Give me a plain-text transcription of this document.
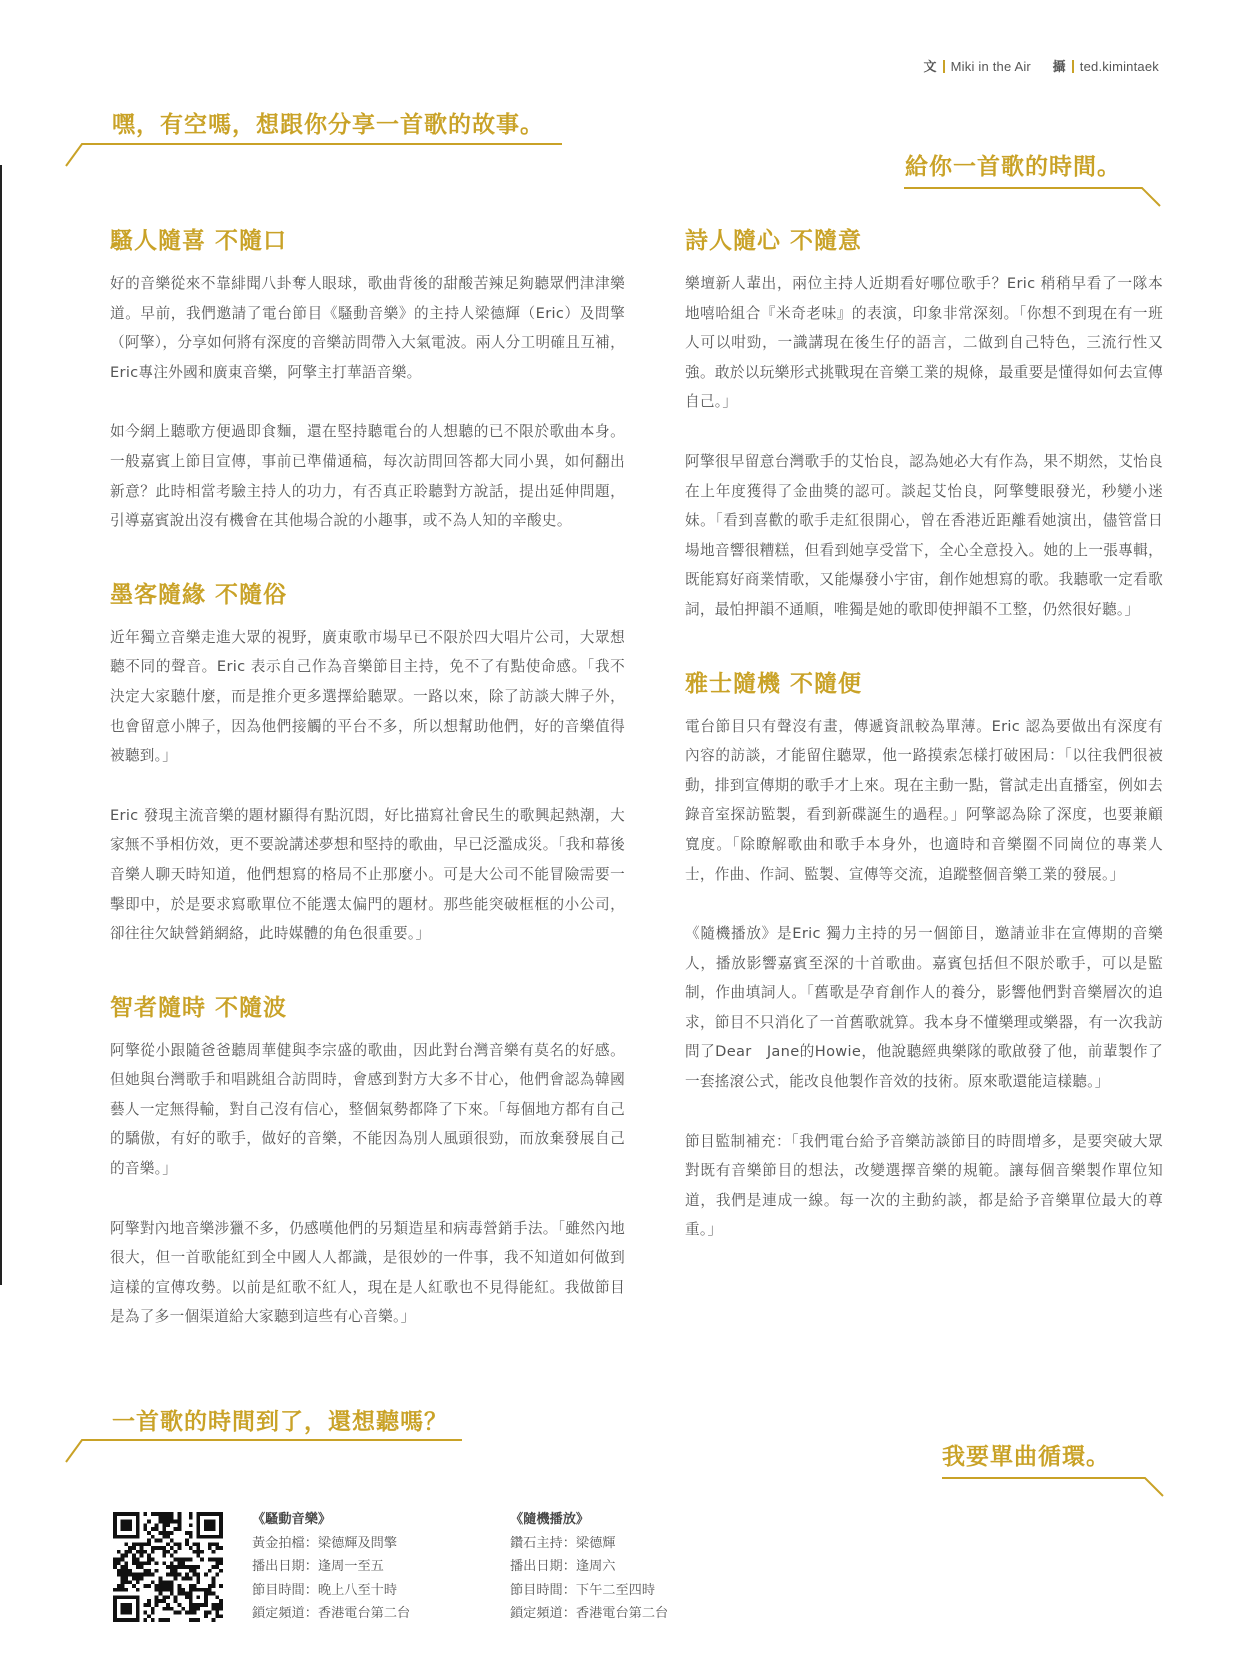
文 Miki in the Air 攝 ted.kimintaek
嘿，有空嗎，想跟你分享一首歌的故事。
給你一首歌的時間。
騷人隨喜 不隨口

好的音樂從來不靠緋聞八卦奪人眼球，歌曲背後的甜酸苦辣足夠聽眾們津津樂道。早前，我們邀請了電台節目《騷動音樂》的主持人梁德輝（Eric）及問擎（阿擎），分享如何將有深度的音樂訪問帶入大氣電波。兩人分工明確且互補，Eric專注外國和廣東音樂，阿擎主打華語音樂。

如今網上聽歌方便過即食麵，還在堅持聽電台的人想聽的已不限於歌曲本身。一般嘉賓上節目宣傳，事前已準備通稿，每次訪問回答都大同小異，如何翻出新意？此時相當考驗主持人的功力，有否真正聆聽對方說話，提出延伸問題，引導嘉賓說出沒有機會在其他場合說的小趣事，或不為人知的辛酸史。

墨客隨緣 不隨俗

近年獨立音樂走進大眾的視野，廣東歌市場早已不限於四大唱片公司，大眾想聽不同的聲音。Eric 表示自己作為音樂節目主持，免不了有點使命感。「我不決定大家聽什麼，而是推介更多選擇給聽眾。一路以來，除了訪談大牌子外，也會留意小牌子，因為他們接觸的平台不多，所以想幫助他們，好的音樂值得被聽到。」

Eric 發現主流音樂的題材顯得有點沉悶，好比描寫社會民生的歌興起熱潮，大家無不爭相仿效，更不要說講述夢想和堅持的歌曲，早已泛濫成災。「我和幕後音樂人聊天時知道，他們想寫的格局不止那麼小。可是大公司不能冒險需要一擊即中，於是要求寫歌單位不能選太偏門的題材。那些能突破框框的小公司，卻往往欠缺營銷網絡，此時媒體的角色很重要。」

智者隨時 不隨波

阿擎從小跟隨爸爸聽周華健與李宗盛的歌曲，因此對台灣音樂有莫名的好感。但她與台灣歌手和唱跳組合訪問時，會感到對方大多不甘心，他們會認為韓國藝人一定無得輸，對自己沒有信心，整個氣勢都降了下來。「每個地方都有自己的驕傲，有好的歌手，做好的音樂，不能因為別人風頭很勁，而放棄發展自己的音樂。」

阿擎對內地音樂涉獵不多，仍感嘆他們的另類造星和病毒營銷手法。「雖然內地很大，但一首歌能紅到全中國人人都識，是很妙的一件事，我不知道如何做到這樣的宣傳攻勢。以前是紅歌不紅人，現在是人紅歌也不見得能紅。我做節目是為了多一個渠道給大家聽到這些有心音樂。」

詩人隨心 不隨意

樂壇新人輩出，兩位主持人近期看好哪位歌手？Eric 稍稍早看了一隊本地嘻哈組合『米奇老味』的表演，印象非常深刻。「你想不到現在有一班人可以咁勁，一識講現在後生仔的語言，二做到自己特色，三流行性又強。敢於以玩樂形式挑戰現在音樂工業的規條，最重要是懂得如何去宣傳自己。」

阿擎很早留意台灣歌手的艾怡良，認為她必大有作為，果不期然，艾怡良在上年度獲得了金曲獎的認可。談起艾怡良，阿擎雙眼發光，秒變小迷妹。「看到喜歡的歌手走紅很開心，曾在香港近距離看她演出，儘管當日場地音響很糟糕，但看到她享受當下，全心全意投入。她的上一張專輯，既能寫好商業情歌，又能爆發小宇宙，創作她想寫的歌。我聽歌一定看歌詞，最怕押韻不通順，唯獨是她的歌即使押韻不工整，仍然很好聽。」

雅士隨機 不隨便

電台節目只有聲沒有畫，傳遞資訊較為單薄。Eric 認為要做出有深度有內容的訪談，才能留住聽眾，他一路摸索怎樣打破困局：「以往我們很被動，排到宣傳期的歌手才上來。現在主動一點，嘗試走出直播室，例如去錄音室探訪監製，看到新碟誕生的過程。」阿擎認為除了深度，也要兼顧寬度。「除瞭解歌曲和歌手本身外，也適時和音樂圈不同崗位的專業人士，作曲、作詞、監製、宣傳等交流，追蹤整個音樂工業的發展。」

《隨機播放》是Eric 獨力主持的另一個節目，邀請並非在宣傳期的音樂人，播放影響嘉賓至深的十首歌曲。嘉賓包括但不限於歌手，可以是監制，作曲填詞人。「舊歌是孕育創作人的養分，影響他們對音樂層次的追求，節目不只消化了一首舊歌就算。我本身不懂樂理或樂器，有一次我訪問了Dear　Jane的Howie，他說聽經典樂隊的歌啟發了他，前輩製作了一套搖滾公式，能改良他製作音效的技術。原來歌還能這樣聽。」

節目監制補充：「我們電台給予音樂訪談節目的時間增多，是要突破大眾對既有音樂節目的想法，改變選擇音樂的規範。讓每個音樂製作單位知道，我們是連成一線。每一次的主動約談，都是給予音樂單位最大的尊重。」

一首歌的時間到了，還想聽嗎？
我要單曲循環。
《騷動音樂》
黃金拍檔：梁德輝及問擎
播出日期：逢周一至五
節目時間：晚上八至十時
鎖定頻道：香港電台第二台
《隨機播放》
鑽石主持：梁德輝
播出日期：逢周六
節目時間：下午二至四時
鎖定頻道：香港電台第二台
